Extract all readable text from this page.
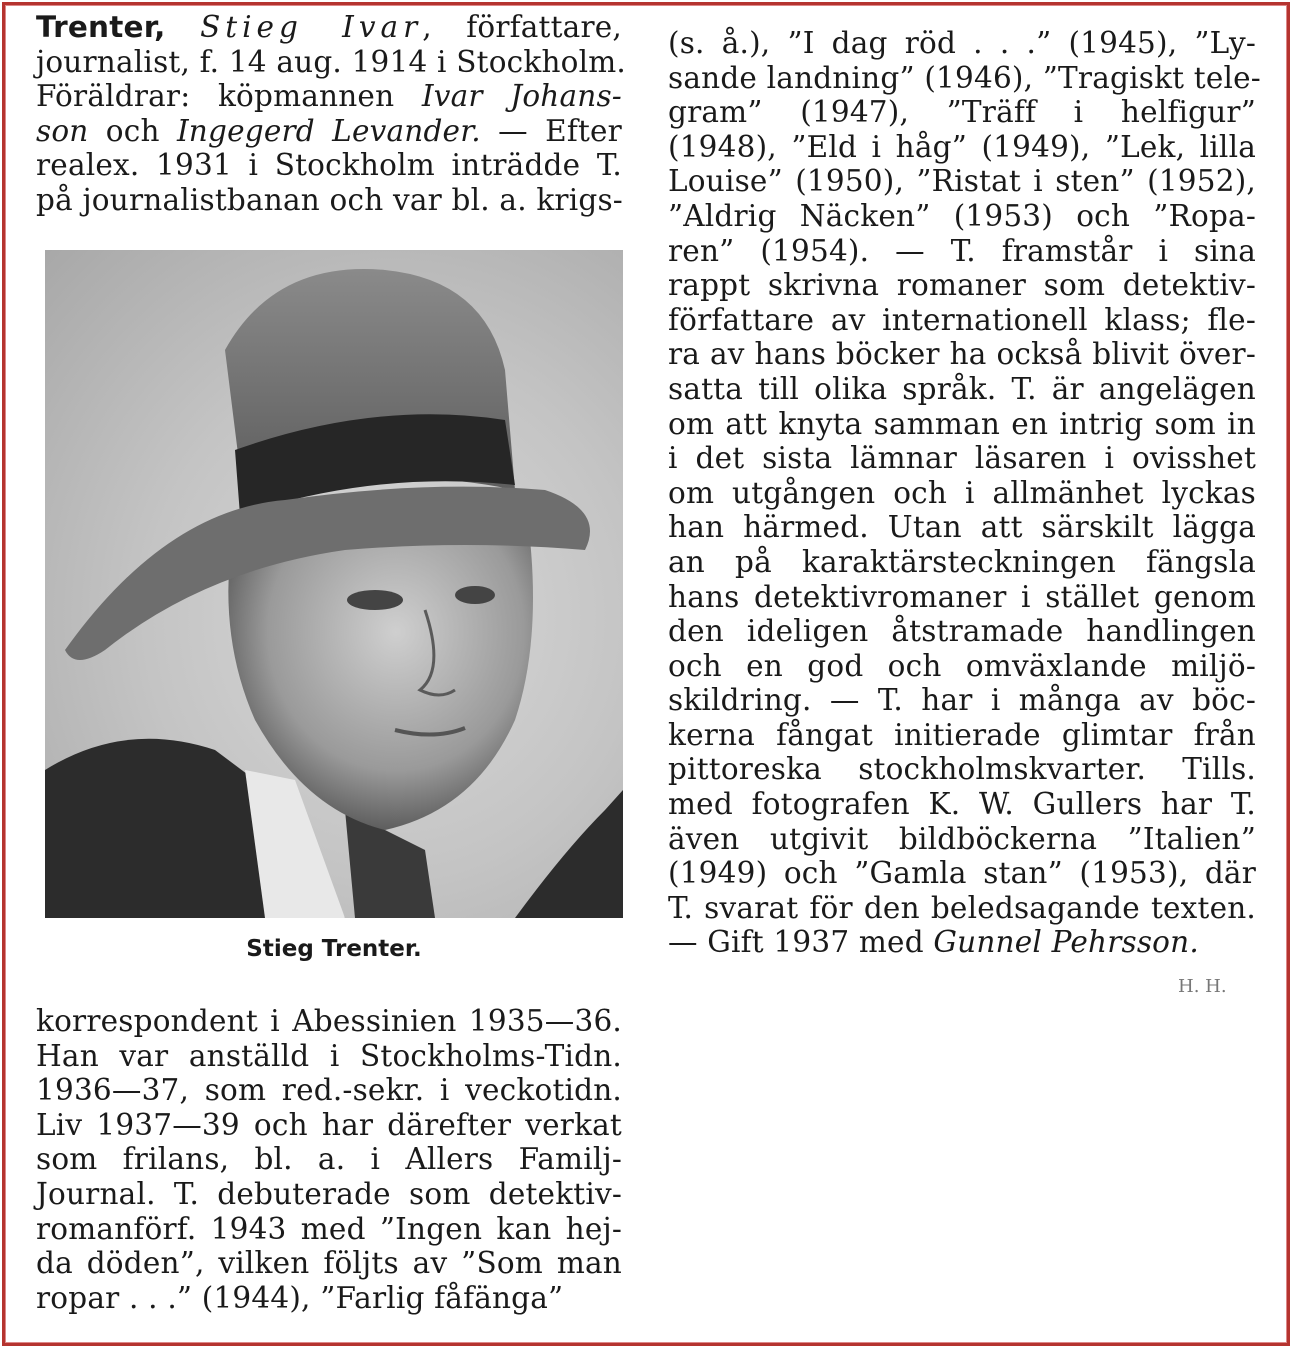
Trenter, Stieg Ivar, författare,
journalist, f. 14 aug. 1914 i Stockholm.
Föräldrar: köpmannen Ivar Johans-
son och Ingegerd Levander. — Efter
realex. 1931 i Stockholm inträdde T.
på journalistbanan och var bl. a. krigs-
Stieg Trenter.
korrespondent i Abessinien 1935—36.
Han var anställd i Stockholms-Tidn.
1936—37, som red.-sekr. i veckotidn.
Liv 1937—39 och har därefter verkat
som frilans, bl. a. i Allers Familj-
Journal. T. debuterade som detektiv-
romanförf. 1943 med ”Ingen kan hej-
da döden”, vilken följts av ”Som man
ropar . . .” (1944), ”Farlig fåfänga”
(s. å.), ”I dag röd . . .” (1945), ”Ly-
sande landning” (1946), ”Tragiskt tele-
gram” (1947), ”Träff i helfigur”
(1948), ”Eld i håg” (1949), ”Lek, lilla
Louise” (1950), ”Ristat i sten” (1952),
”Aldrig Näcken” (1953) och ”Ropa-
ren” (1954). — T. framstår i sina
rappt skrivna romaner som detektiv-
författare av internationell klass; fle-
ra av hans böcker ha också blivit över-
satta till olika språk. T. är angelägen
om att knyta samman en intrig som in
i det sista lämnar läsaren i ovisshet
om utgången och i allmänhet lyckas
han härmed. Utan att särskilt lägga
an på karaktärsteckningen fängsla
hans detektivromaner i stället genom
den ideligen åtstramade handlingen
och en god och omväxlande miljö-
skildring. — T. har i många av böc-
kerna fångat initierade glimtar från
pittoreska stockholmskvarter. Tills.
med fotografen K. W. Gullers har T.
även utgivit bildböckerna ”Italien”
(1949) och ”Gamla stan” (1953), där
T. svarat för den beledsagande texten.
— Gift 1937 med Gunnel Pehrsson.
H. H.
